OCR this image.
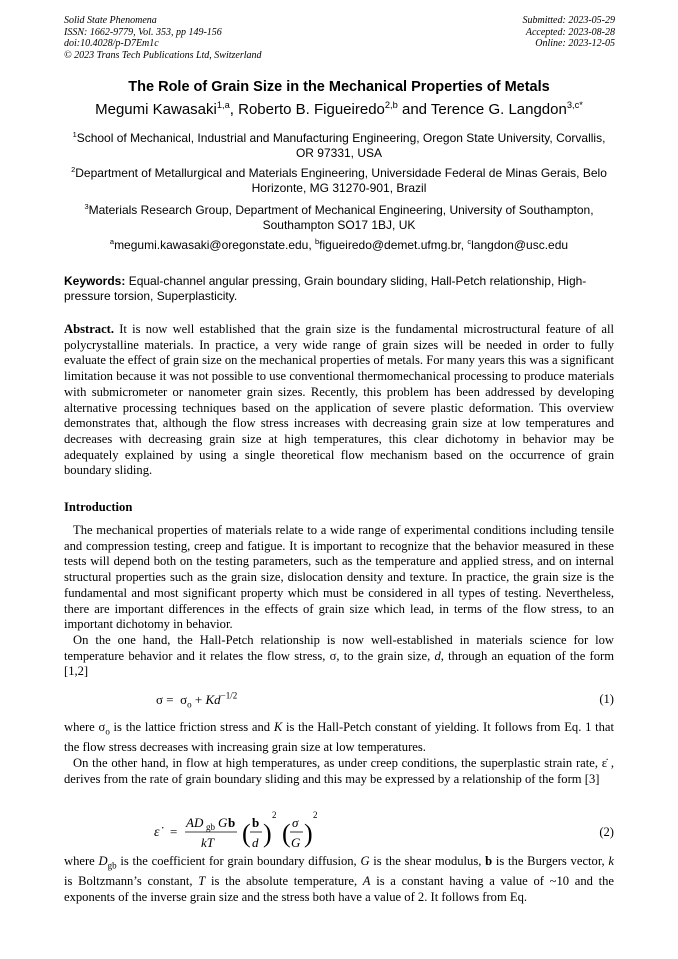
Solid State Phenomena
ISSN: 1662-9779, Vol. 353, pp 149-156
doi:10.4028/p-D7Em1c
© 2023 Trans Tech Publications Ltd, Switzerland
Submitted: 2023-05-29
Accepted: 2023-08-28
Online: 2023-12-05
The Role of Grain Size in the Mechanical Properties of Metals
Megumi Kawasaki$^{1,a}$, Roberto B. Figueiredo$^{2,b}$ and Terence G. Langdon$^{3,c*}$
$^1$School of Mechanical, Industrial and Manufacturing Engineering, Oregon State University, Corvallis, OR 97331, USA
$^2$Department of Metallurgical and Materials Engineering, Universidade Federal de Minas Gerais, Belo Horizonte, MG 31270-901, Brazil
$^3$Materials Research Group, Department of Mechanical Engineering, University of Southampton, Southampton SO17 1BJ, UK
$^a$megumi.kawasaki@oregonstate.edu, $^b$figueiredo@demet.ufmg.br, $^c$langdon@usc.edu
Keywords: Equal-channel angular pressing, Grain boundary sliding, Hall-Petch relationship, High-pressure torsion, Superplasticity.
Abstract. It is now well established that the grain size is the fundamental microstructural feature of all polycrystalline materials. In practice, a very wide range of grain sizes will be needed in order to fully evaluate the effect of grain size on the mechanical properties of metals. For many years this was a significant limitation because it was not possible to use conventional thermomechanical processing to produce materials with submicrometer or nanometer grain sizes. Recently, this problem has been addressed by developing alternative processing techniques based on the application of severe plastic deformation. This overview demonstrates that, although the flow stress increases with decreasing grain size at low temperatures and decreases with decreasing grain size at high temperatures, this clear dichotomy in behavior may be adequately explained by using a single theoretical flow mechanism based on the occurrence of grain boundary sliding.
Introduction
The mechanical properties of materials relate to a wide range of experimental conditions including tensile and compression testing, creep and fatigue. It is important to recognize that the behavior measured in these tests will depend both on the testing parameters, such as the temperature and applied stress, and on internal structural properties such as the grain size, dislocation density and texture. In practice, the grain size is the fundamental and most significant property which must be considered in all types of testing. Nevertheless, there are important differences in the effects of grain size which lead, in terms of the flow stress, to an important dichotomy in behavior.
On the one hand, the Hall-Petch relationship is now well-established in materials science for low temperature behavior and it relates the flow stress, σ, to the grain size, d, through an equation of the form [1,2]
$\sigma = \sigma_o + Kd^{-1/2}$	(1)
where $\sigma_o$ is the lattice friction stress and K is the Hall-Petch constant of yielding. It follows from Eq. 1 that the flow stress decreases with increasing grain size at low temperatures.
On the other hand, in flow at high temperatures, as under creep conditions, the superplastic strain rate, ε̇ , derives from the rate of grain boundary sliding and this may be expressed by a relationship of the form [3]
ε̇ =
AD gb G b
kT ( b
d )
2
( σ
G )
2
(2)
where $D_{gb}$ is the coefficient for grain boundary diffusion, G is the shear modulus, b is the Burgers vector, k is Boltzmann’s constant, T is the absolute temperature, A is a constant having a value of ~10 and the exponents of the inverse grain size and the stress both have a value of 2. It follows from Eq.
